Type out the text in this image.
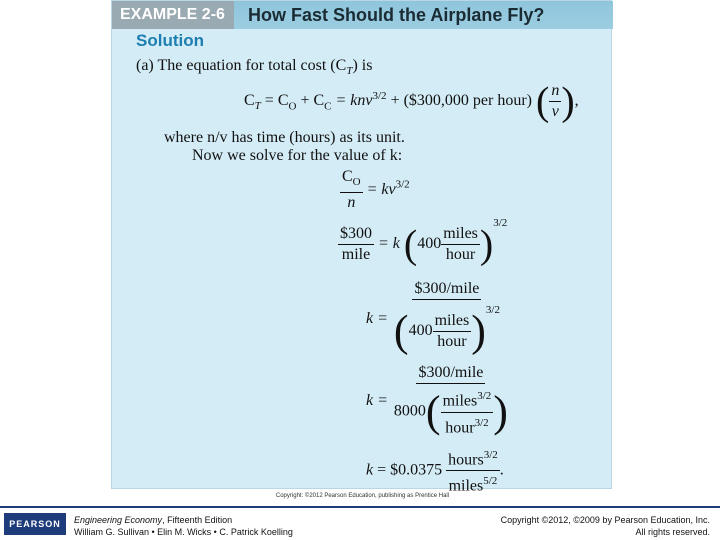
EXAMPLE 2-6	How Fast Should the Airplane Fly?
Solution
(a) The equation for total cost $(C_T)$ is
$C_T = C_O + C_C = knv^{3/2}$ + ($300,000 per hour) ( $\frac{n}{v}$ ),
where n/v has time (hours) as its unit.
Now we solve for the value of k:
$\frac{C_O}{n} = kv^{3/2}$
$\frac{\$300}{\text{mile}} = k$ $(400 \frac{\text{miles}}{\text{hour}} )^{3/2}$
$k = \frac{\text{\$300/mile}}{(400 \frac{\text{miles}}{\text{hour}} )^{3/2}}$
$k = \frac{\text{\$300/mile}}{8000( \frac{miles^{3/2}}{hour^{3/2}} )}$
k = $0.0375 $\frac{hours^{3/2}}{miles^{5/2}}$ .
Copyright: ©2012 Pearson Education, publishing as Prentice Hall
PEARSON	Engineering Economy, Fifteenth Edition
William G. Sullivan • Elin M. Wicks • C. Patrick Koelling
Copyright ©2012, ©2009 by Pearson Education, Inc.
All rights reserved.
